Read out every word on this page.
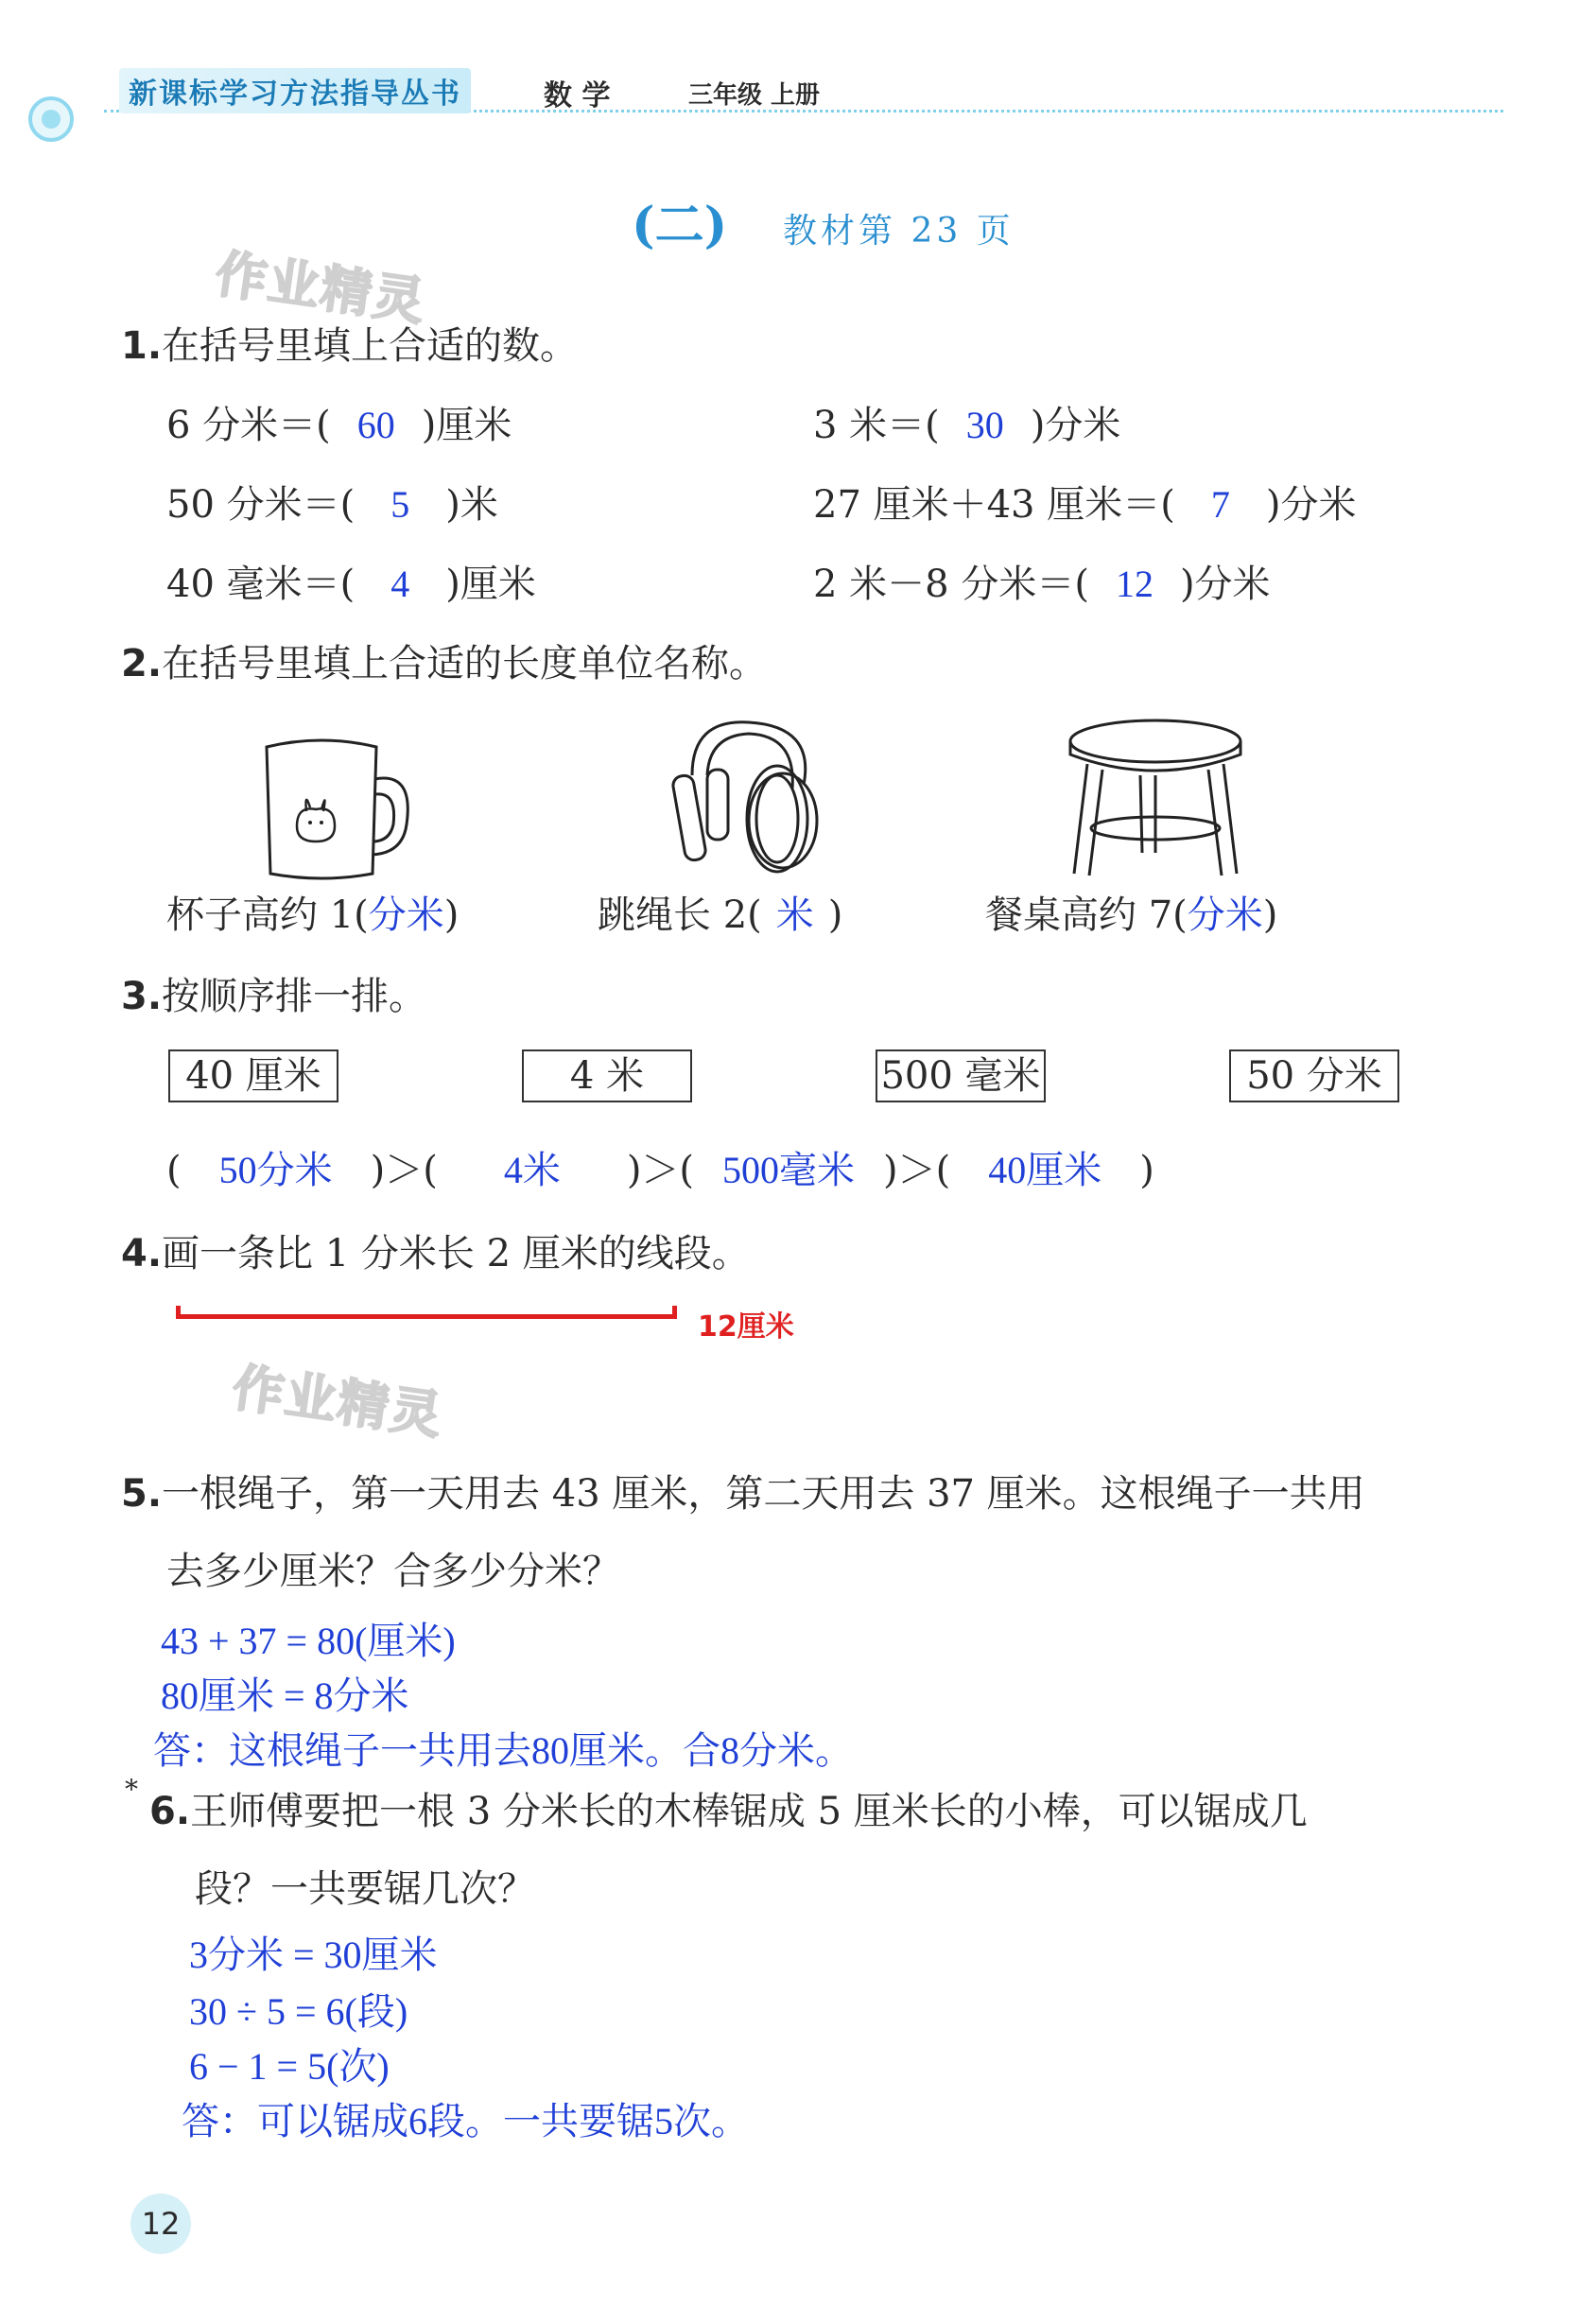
新课标学习方法指导丛书	数 学	三年级 上册
(二) 教材第 23 页
作业精灵
作业精灵
1.在括号里填上合适的数。
6 分米＝( 60 )厘米	3 米＝( 30 )分米
50 分米＝( 5 )米	27 厘米＋43 厘米＝( 7 )分米
40 毫米＝( 4 )厘米	2 米－8 分米＝( 12 )分米
2.在括号里填上合适的长度单位名称。
杯子高约 1(分米)	跳绳长 2( 米 )	餐桌高约 7(分米)
3.按顺序排一排。
40 厘米	4 米	500 毫米	50 分米
( 50分米 )＞( 4米 )＞( 500毫米 )＞( 40厘米 )
4.画一条比 1 分米长 2 厘米的线段。
12厘米
5.一根绳子，第一天用去 43 厘米，第二天用去 37 厘米。这根绳子一共用
去多少厘米？合多少分米？
43 + 37 = 80(厘米)
80厘米 = 8分米
答：这根绳子一共用去80厘米。合8分米。
*
6.王师傅要把一根 3 分米长的木棒锯成 5 厘米长的小棒，可以锯成几
段？一共要锯几次？
3分米 = 30厘米
30 ÷ 5 = 6(段)
6 − 1 = 5(次)
答：可以锯成6段。一共要锯5次。
12
